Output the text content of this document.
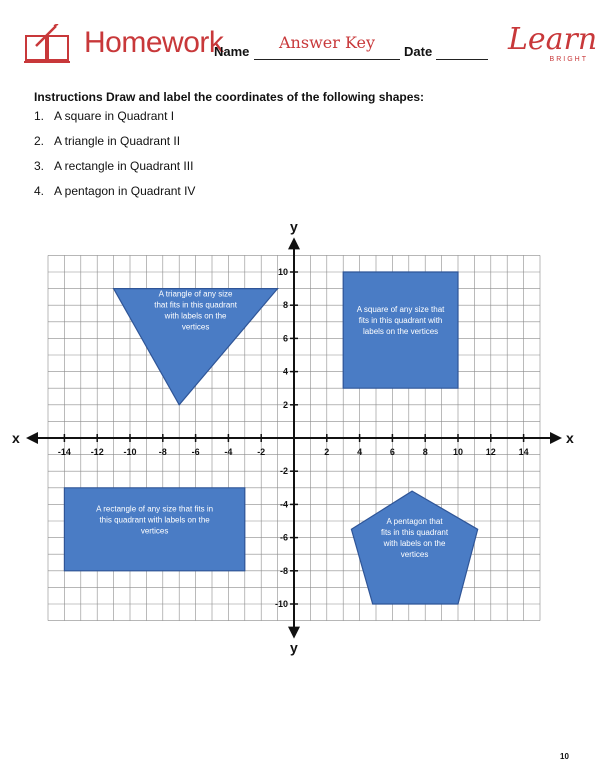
Homework
Name	Answer Key	Date	Learn
BRIGHT
Instructions Draw and label the coordinates of the following shapes:
1. A square in Quadrant I
2. A triangle in Quadrant II
3. A rectangle in Quadrant III
4. A pentagon in Quadrant IV
x	x
y
y
-14 -12 -10 -8	-6	-4	-2	2	4	6	8	10	12	14
10
8
6
4
2
-2
-4
-6
-8
-10
A triangle of any size
that fits in this quadrant
with labels on the
vertices
A square of any size that
fits in this quadrant with
labels on the vertices
A rectangle of any size that fits in
this quadrant with labels on the
vertices
A pentagon that
fits in this quadrant
with labels on the
vertices
10
